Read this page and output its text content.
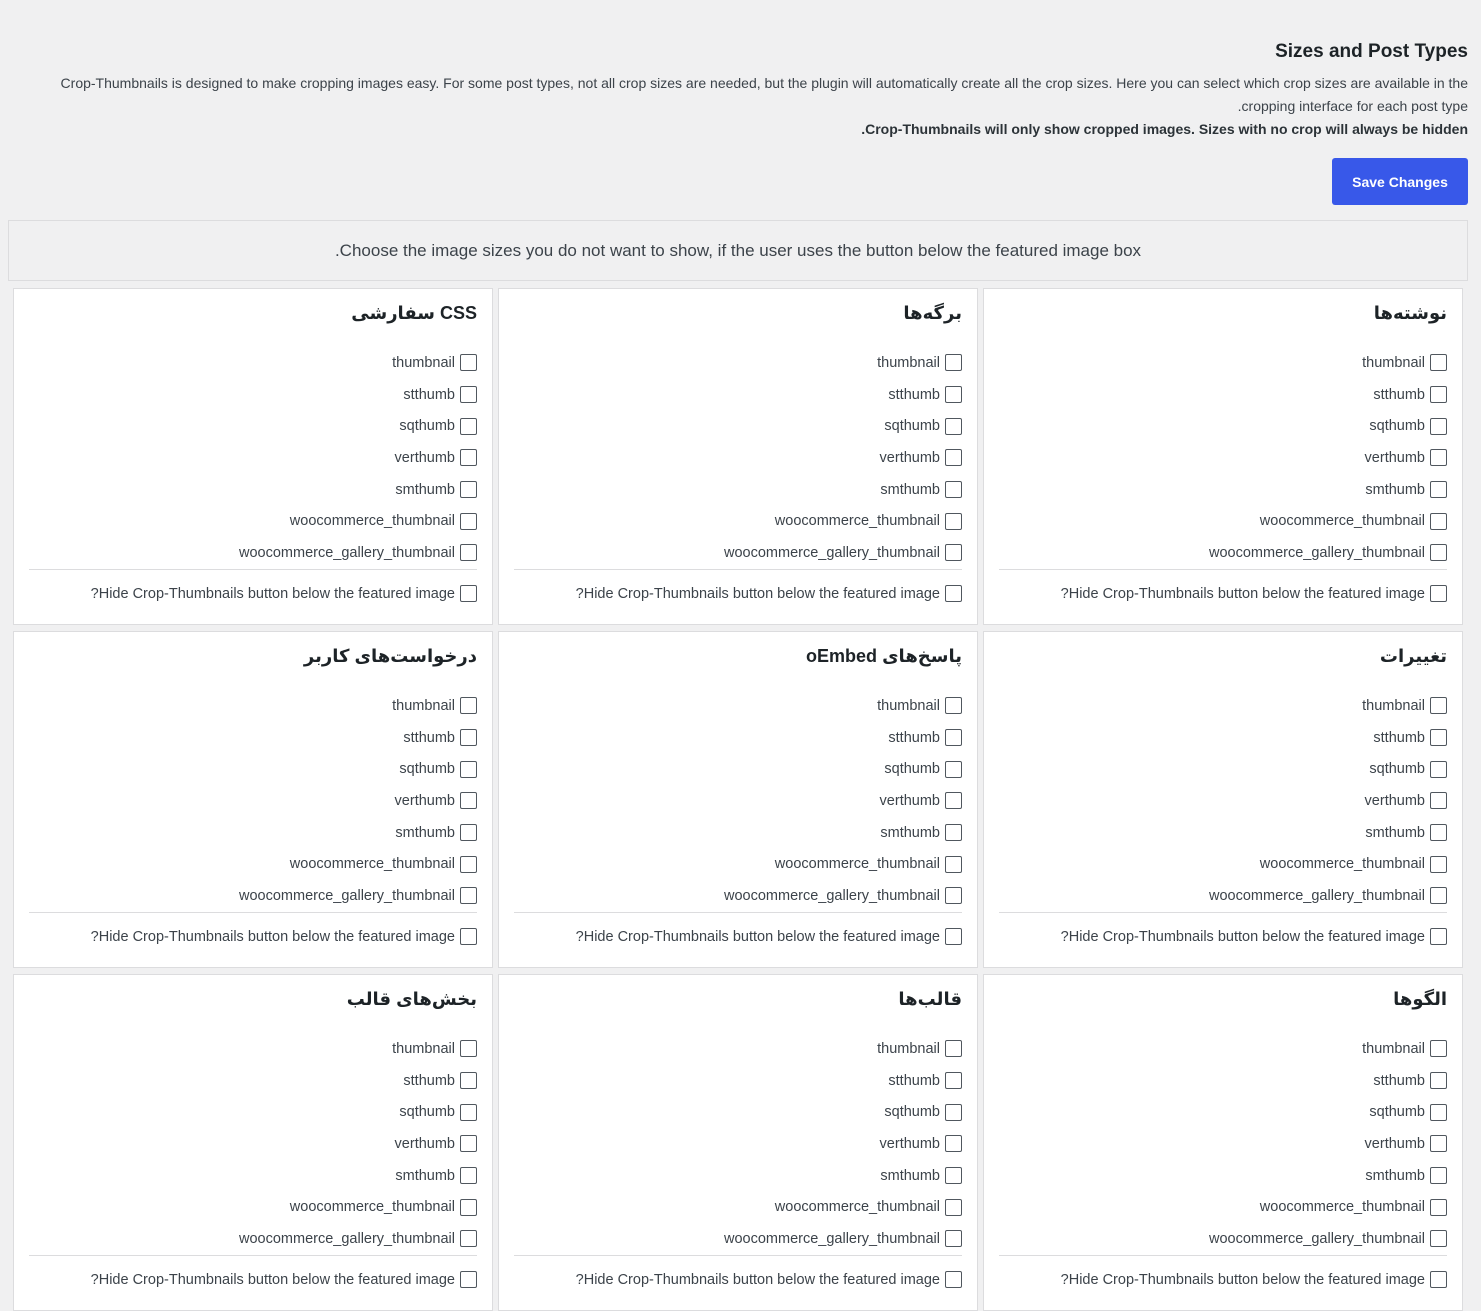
Sizes and Post Types
Crop-Thumbnails is designed to make cropping images easy. For some post types, not all crop sizes are needed, but the plugin will automatically create all the crop sizes. Here you can select which crop sizes are available in the cropping interface for each post type.
Crop-Thumbnails will only show cropped images. Sizes with no crop will always be hidden.
Save Changes
Choose the image sizes you do not want to show, if the user uses the button below the featured image box.
نوشته‌ها
thumbnail
stthumb
sqthumb
verthumb
smthumb
woocommerce_thumbnail
woocommerce_gallery_thumbnail
Hide Crop-Thumbnails button below the featured image?
برگه‌ها
thumbnail
stthumb
sqthumb
verthumb
smthumb
woocommerce_thumbnail
woocommerce_gallery_thumbnail
Hide Crop-Thumbnails button below the featured image?
CSS سفارشی
thumbnail
stthumb
sqthumb
verthumb
smthumb
woocommerce_thumbnail
woocommerce_gallery_thumbnail
Hide Crop-Thumbnails button below the featured image?
تغییرات
thumbnail
stthumb
sqthumb
verthumb
smthumb
woocommerce_thumbnail
woocommerce_gallery_thumbnail
Hide Crop-Thumbnails button below the featured image?
پاسخ‌های oEmbed
thumbnail
stthumb
sqthumb
verthumb
smthumb
woocommerce_thumbnail
woocommerce_gallery_thumbnail
Hide Crop-Thumbnails button below the featured image?
درخواست‌های کاربر
thumbnail
stthumb
sqthumb
verthumb
smthumb
woocommerce_thumbnail
woocommerce_gallery_thumbnail
Hide Crop-Thumbnails button below the featured image?
الگوها
thumbnail
stthumb
sqthumb
verthumb
smthumb
woocommerce_thumbnail
woocommerce_gallery_thumbnail
Hide Crop-Thumbnails button below the featured image?
قالب‌ها
thumbnail
stthumb
sqthumb
verthumb
smthumb
woocommerce_thumbnail
woocommerce_gallery_thumbnail
Hide Crop-Thumbnails button below the featured image?
بخش‌های قالب
thumbnail
stthumb
sqthumb
verthumb
smthumb
woocommerce_thumbnail
woocommerce_gallery_thumbnail
Hide Crop-Thumbnails button below the featured image?
